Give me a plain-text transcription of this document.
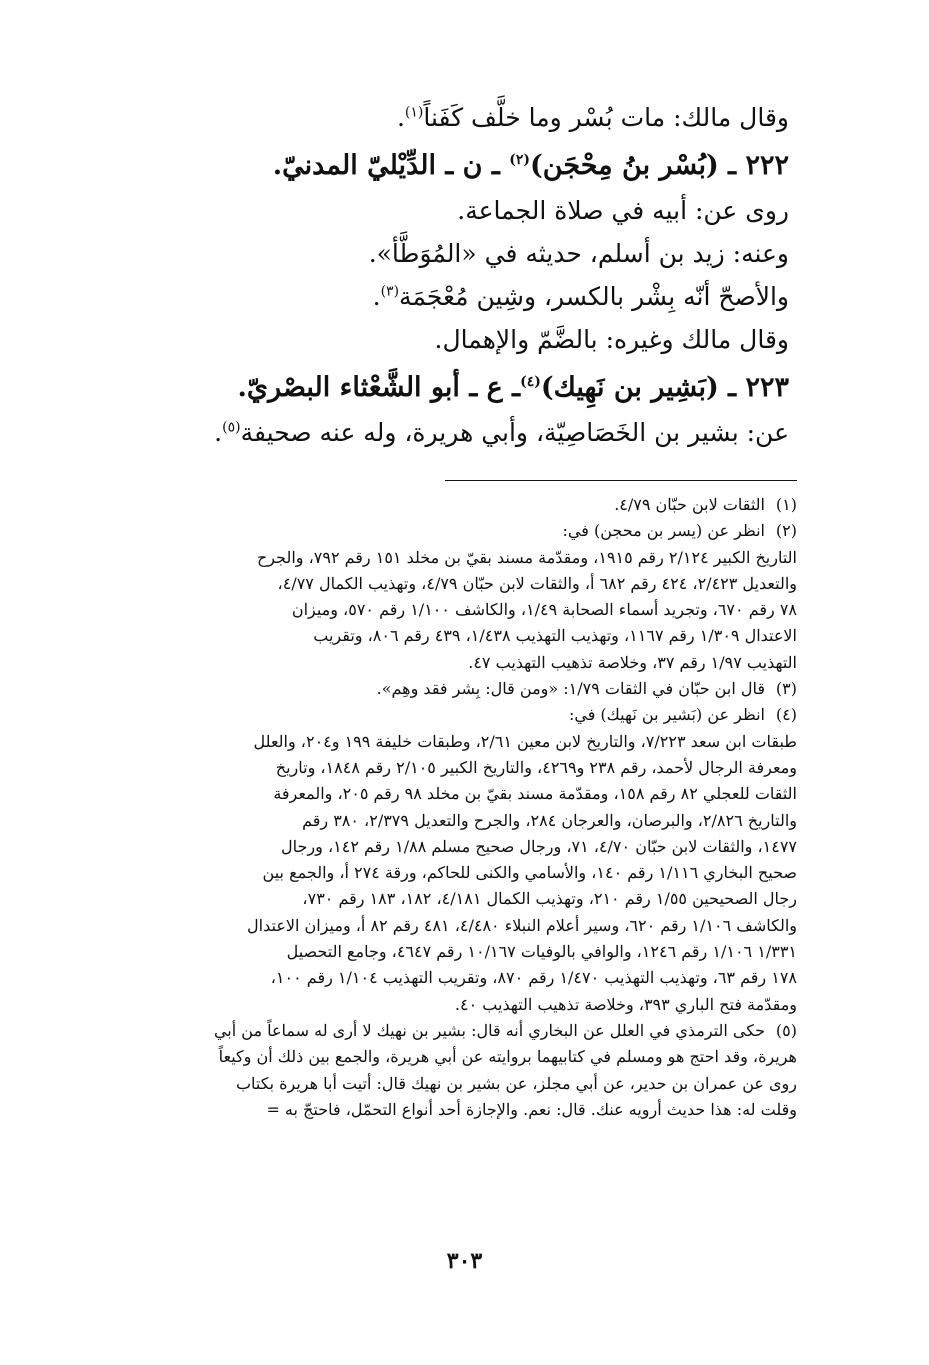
وقال مالك: مات بُسْر وما خلَّف كَفَناً$^{(١)}$.

٢٢٢ ـ (بُسْر بنُ مِحْجَن)$^{(٢)}$ ـ ن ـ الدِّيْليّ المدنيّ.

روى عن: أبيه في صلاة الجماعة.

وعنه: زيد بن أسلم، حديثه في «المُوَطَّأ».

والأصحّ أنّه بِشْر بالكسر، وشِين مُعْجَمَة$^{(٣)}$.

وقال مالك وغيره: بالضَّمّ والإهمال.

٢٢٣ ـ (بَشِير بن نَهِيك)$^{(٤)}$ـ ع ـ أبو الشَّعْثاء البصْريّ.

عن: بشير بن الخَصَاصِيّة، وأبي هريرة، وله عنه صحيفة$^{(٥)}$.

(١)
الثقات لابن حبّان ٤/٧٩.
(٢)
انظر عن (يسر بن محجن) في:
التاريخ الكبير ٢/١٢٤ رقم ١٩١٥، ومقدّمة مسند بقيّ بن مخلد ١٥١ رقم ٧٩٢، والجرح
والتعديل ٢/٤٢٣، ٤٢٤ رقم ٦٨٢ أ، والثقات لابن حبّان ٤/٧٩، وتهذيب الكمال ٤/٧٧،
٧٨ رقم ٦٧٠، وتجريد أسماء الصحابة ١/٤٩، والكاشف ١/١٠٠ رقم ٥٧٠، وميزان
الاعتدال ١/٣٠٩ رقم ١١٦٧، وتهذيب التهذيب ١/٤٣٨، ٤٣٩ رقم ٨٠٦، وتقريب
التهذيب ١/٩٧ رقم ٣٧، وخلاصة تذهيب التهذيب ٤٧.
(٣)
قال ابن حبّان في الثقات ١/٧٩: «ومن قال: بِشر فقد وهِم».
(٤)
انظر عن (بَشير بن نَهيك) في:
طبقات ابن سعد ٧/٢٢٣، والتاريخ لابن معين ٢/٦١، وطبقات خليفة ١٩٩ و٢٠٤، والعلل
ومعرفة الرجال لأحمد، رقم ٢٣٨ و٤٢٦٩، والتاريخ الكبير ٢/١٠٥ رقم ١٨٤٨، وتاريخ
الثقات للعجلي ٨٢ رقم ١٥٨، ومقدّمة مسند بقيّ بن مخلد ٩٨ رقم ٢٠٥، والمعرفة
والتاريخ ٢/٨٢٦، والبرصان، والعرجان ٢٨٤، والجرح والتعديل ٢/٣٧٩، ٣٨٠ رقم
١٤٧٧، والثقات لابن حبّان ٤/٧٠، ٧١، ورجال صحيح مسلم ١/٨٨ رقم ١٤٢، ورجال
صحيح البخاري ١/١١٦ رقم ١٤٠، والأسامي والكنى للحاكم، ورقة ٢٧٤ أ، والجمع بين
رجال الصحيحين ١/٥٥ رقم ٢١٠، وتهذيب الكمال ٤/١٨١، ١٨٢، ١٨٣ رقم ٧٣٠،
والكاشف ١/١٠٦ رقم ٦٢٠، وسير أعلام النبلاء ٤/٤٨٠، ٤٨١ رقم ٨٢ أ، وميزان الاعتدال
١/٣٣١ ١/١٠٦ رقم ١٢٤٦، والوافي بالوفيات ١٠/١٦٧ رقم ٤٦٤٧، وجامع التحصيل
١٧٨ رقم ٦٣، وتهذيب التهذيب ١/٤٧٠ رقم ٨٧٠، وتقريب التهذيب ١/١٠٤ رقم ١٠٠،
ومقدّمة فتح الباري ٣٩٣، وخلاصة تذهيب التهذيب ٤٠.
(٥)
حكى الترمذي في العلل عن البخاري أنه قال: بشير بن نهيك لا أرى له سماعاً من أبي
هريرة، وقد احتج هو ومسلم في كتابيهما بروايته عن أبي هريرة، والجمع بين ذلك أن وكيعاً
روى عن عمران بن حدير، عن أبي مجلز، عن بشير بن نهيك قال: أتيت أبا هريرة بكتاب
وقلت له: هذا حديث أرويه عنك. قال: نعم. والإجازة أحد أنواع التحمّل، فاحتجّ به =
٣٠٣
